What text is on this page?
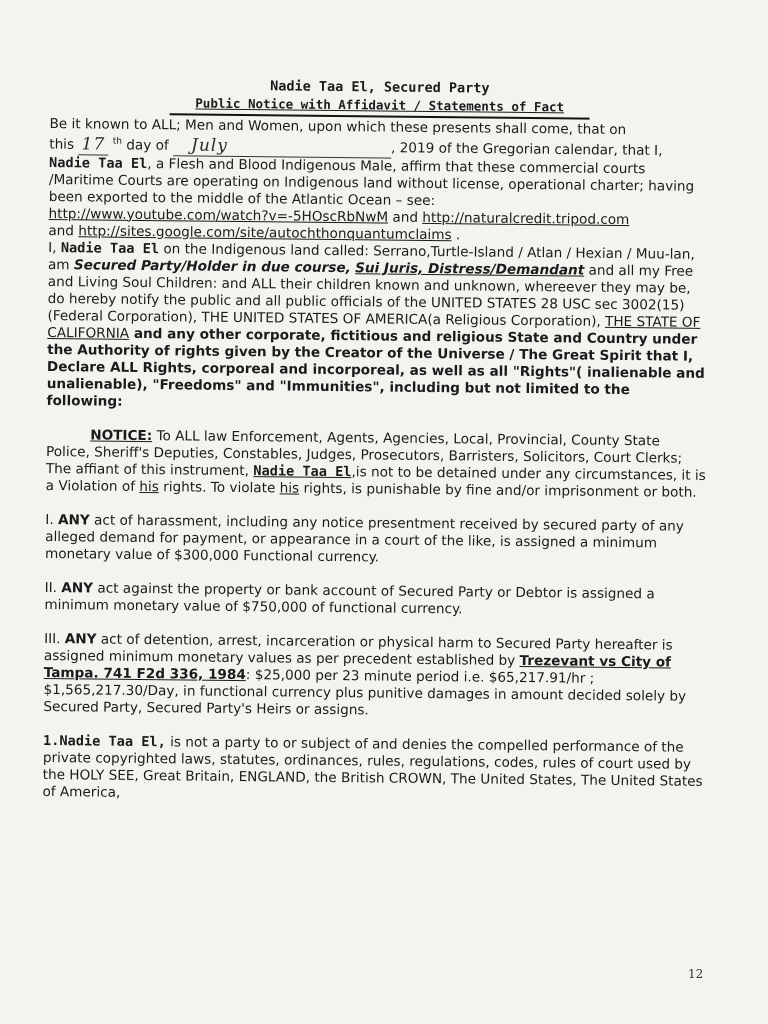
Nadie Taa El, Secured Party

Public Notice with Affidavit / Statements of Fact

Be it known to ALL; Men and Women, upon which these presents shall come, that on
this 17 $^{th}$ day of July	, 2019 of the Gregorian calendar, that I,
Nadie Taa El, a Flesh and Blood Indigenous Male, affirm that these commercial courts /Maritime Courts are operating on Indigenous land without license, operational charter; having been exported to the middle of the Atlantic Ocean – see:
http://www.youtube.com/watch?v=-5HOscRbNwM and http://naturalcredit.tripod.com
and http://sites.google.com/site/autochthonquantumclaims .

I, Nadie Taa El on the Indigenous land called: Serrano,Turtle-Island / Atlan / Hexian / Muu-lan, am Secured Party/Holder in due course, Sui Juris, Distress/Demandant and all my Free and Living Soul Children: and ALL their children known and unknown, whereever they may be, do hereby notify the public and all public officials of the UNITED STATES 28 USC sec 3002(15)(Federal Corporation), THE UNITED STATES OF AMERICA(a Religious Corporation), THE STATE OF CALIFORNIA and any other corporate, fictitious and religious State and Country under the Authority of rights given by the Creator of the Universe / The Great Spirit that I, Declare ALL Rights, corporeal and incorporeal, as well as all "Rights"( inalienable and unalienable), "Freedoms" and "Immunities", including but not limited to the following:

NOTICE: To ALL law Enforcement, Agents, Agencies, Local, Provincial, County State Police, Sheriff's Deputies, Constables, Judges, Prosecutors, Barristers, Solicitors, Court Clerks; The affiant of this instrument, Nadie Taa El,is not to be detained under any circumstances, it is a Violation of his rights. To violate his rights, is punishable by fine and/or imprisonment or both.

I. ANY act of harassment, including any notice presentment received by secured party of any alleged demand for payment, or appearance in a court of the like, is assigned a minimum monetary value of $300,000 Functional currency.

II. ANY act against the property or bank account of Secured Party or Debtor is assigned a minimum monetary value of $750,000 of functional currency.

III. ANY act of detention, arrest, incarceration or physical harm to Secured Party hereafter is assigned minimum monetary values as per precedent established by Trezevant vs City of Tampa. 741 F2d 336, 1984: $25,000 per 23 minute period i.e. $65,217.91/hr ; $1,565,217.30/Day, in functional currency plus punitive damages in amount decided solely by Secured Party, Secured Party's Heirs or assigns.

1.Nadie Taa El, is not a party to or subject of and denies the compelled performance of the private copyrighted laws, statutes, ordinances, rules, regulations, codes, rules of court used by the HOLY SEE, Great Britain, ENGLAND, the British CROWN, The United States, The United States of America,

12
